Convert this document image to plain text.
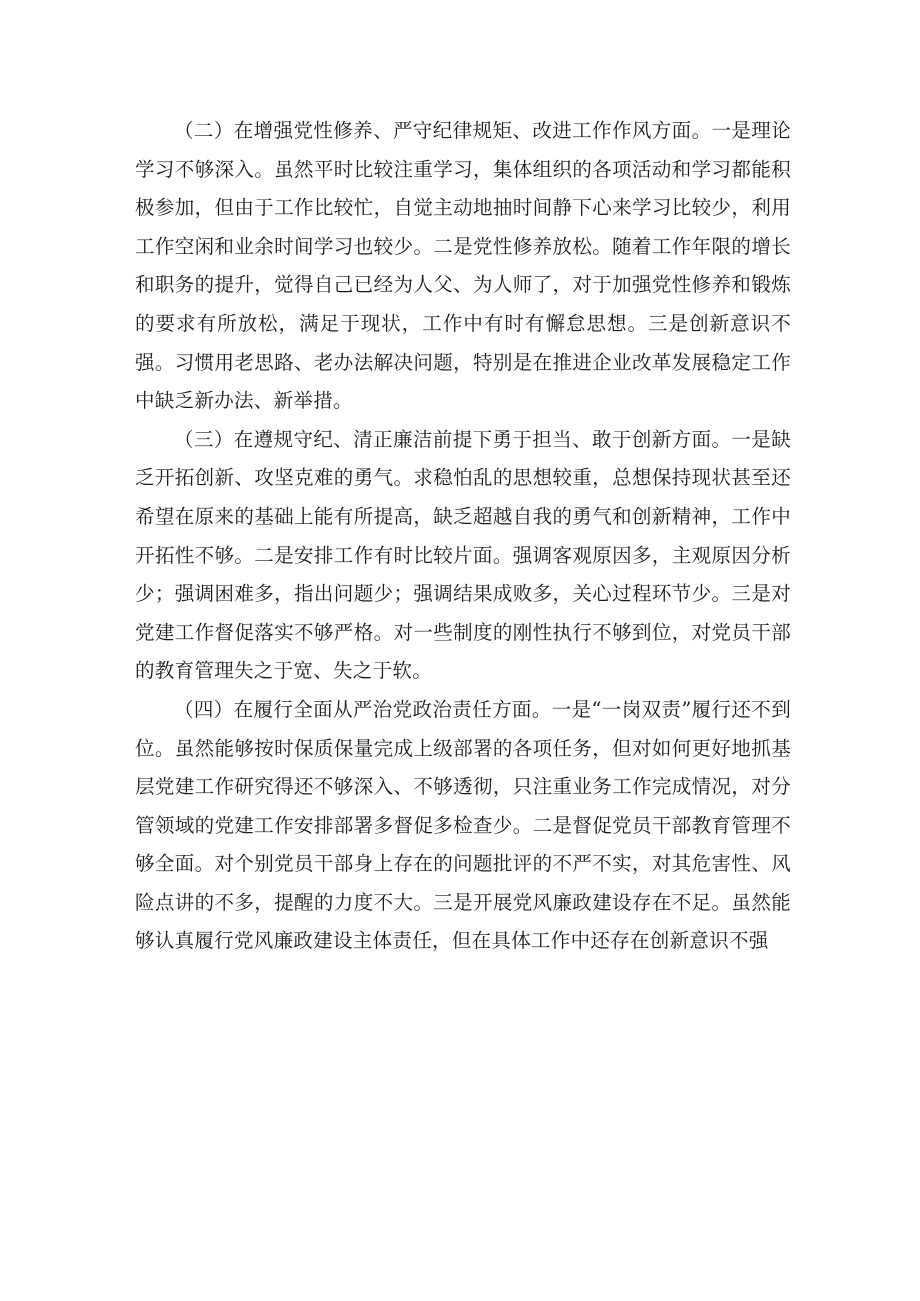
（二）在增强党性修养、严守纪律规矩、改进工作作风方面。一是理论学习不够深入。虽然平时比较注重学习，集体组织的各项活动和学习都能积极参加，但由于工作比较忙，自觉主动地抽时间静下心来学习比较少，利用工作空闲和业余时间学习也较少。二是党性修养放松。随着工作年限的增长和职务的提升，觉得自己已经为人父、为人师了，对于加强党性修养和锻炼的要求有所放松，满足于现状，工作中有时有懈怠思想。三是创新意识不强。习惯用老思路、老办法解决问题，特别是在推进企业改革发展稳定工作中缺乏新办法、新举措。

（三）在遵规守纪、清正廉洁前提下勇于担当、敢于创新方面。一是缺乏开拓创新、攻坚克难的勇气。求稳怕乱的思想较重，总想保持现状甚至还希望在原来的基础上能有所提高，缺乏超越自我的勇气和创新精神，工作中开拓性不够。二是安排工作有时比较片面。强调客观原因多，主观原因分析少；强调困难多，指出问题少；强调结果成败多，关心过程环节少。三是对党建工作督促落实不够严格。对一些制度的刚性执行不够到位，对党员干部的教育管理失之于宽、失之于软。

（四）在履行全面从严治党政治责任方面。一是“一岗双责”履行还不到位。虽然能够按时保质保量完成上级部署的各项任务，但对如何更好地抓基层党建工作研究得还不够深入、不够透彻，只注重业务工作完成情况，对分管领域的党建工作安排部署多督促多检查少。二是督促党员干部教育管理不够全面。对个别党员干部身上存在的问题批评的不严不实，对其危害性、风险点讲的不多，提醒的力度不大。三是开展党风廉政建设存在不足。虽然能够认真履行党风廉政建设主体责任，但在具体工作中还存在创新意识不强
